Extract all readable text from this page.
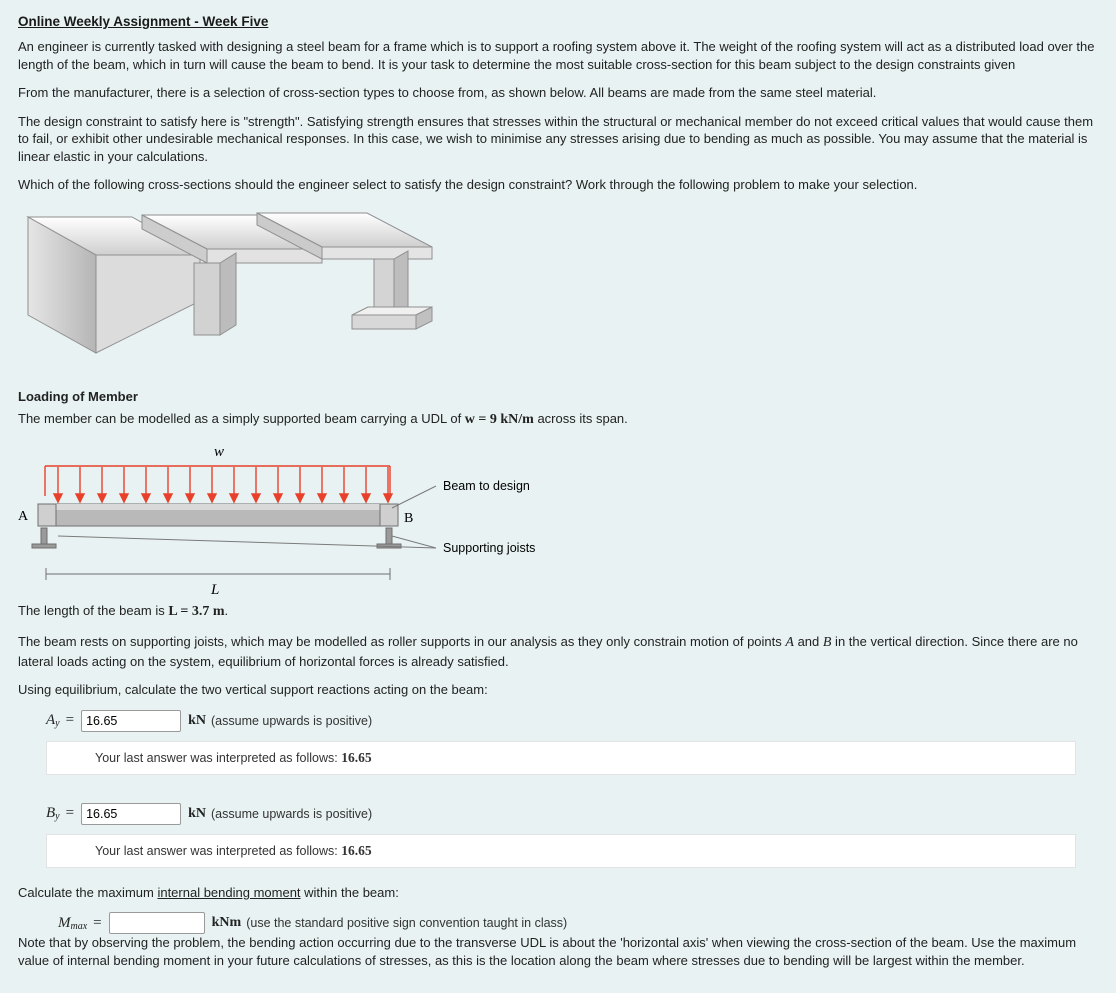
Online Weekly Assignment - Week Five

An engineer is currently tasked with designing a steel beam for a frame which is to support a roofing system above it. The weight of the roofing system will act as a distributed load over the length of the beam, which in turn will cause the beam to bend. It is your task to determine the most suitable cross-section for this beam subject to the design constraints given

From the manufacturer, there is a selection of cross-section types to choose from, as shown below. All beams are made from the same steel material.

The design constraint to satisfy here is "strength". Satisfying strength ensures that stresses within the structural or mechanical member do not exceed critical values that would cause them to fail, or exhibit other undesirable mechanical responses. In this case, we wish to minimise any stresses arising due to bending as much as possible. You may assume that the material is linear elastic in your calculations.

Which of the following cross-sections should the engineer select to satisfy the design constraint? Work through the following problem to make your selection.

Loading of Member

The member can be modelled as a simply supported beam carrying a UDL of w = 9 kN/m across its span.

w
A	B
Beam to design
Supporting joists
L

The length of the beam is L = 3.7 m.

The beam rests on supporting joists, which may be modelled as roller supports in our analysis as they only constrain motion of points A and B in the vertical direction. Since there are no lateral loads acting on the system, equilibrium of horizontal forces is already satisfied.

Using equilibrium, calculate the two vertical support reactions acting on the beam:

$A_y$ =
16.65	kN (assume upwards is positive)
Your last answer was interpreted as follows: 16.65
$B_y$ =
16.65	kN (assume upwards is positive)
Your last answer was interpreted as follows: 16.65

Calculate the maximum internal bending moment within the beam:

$M_{max}$ =	kNm (use the standard positive sign convention taught in class)

Note that by observing the problem, the bending action occurring due to the transverse UDL is about the 'horizontal axis' when viewing the cross-section of the beam. Use the maximum value of internal bending moment in your future calculations of stresses, as this is the location along the beam where stresses due to bending will be largest within the member.
